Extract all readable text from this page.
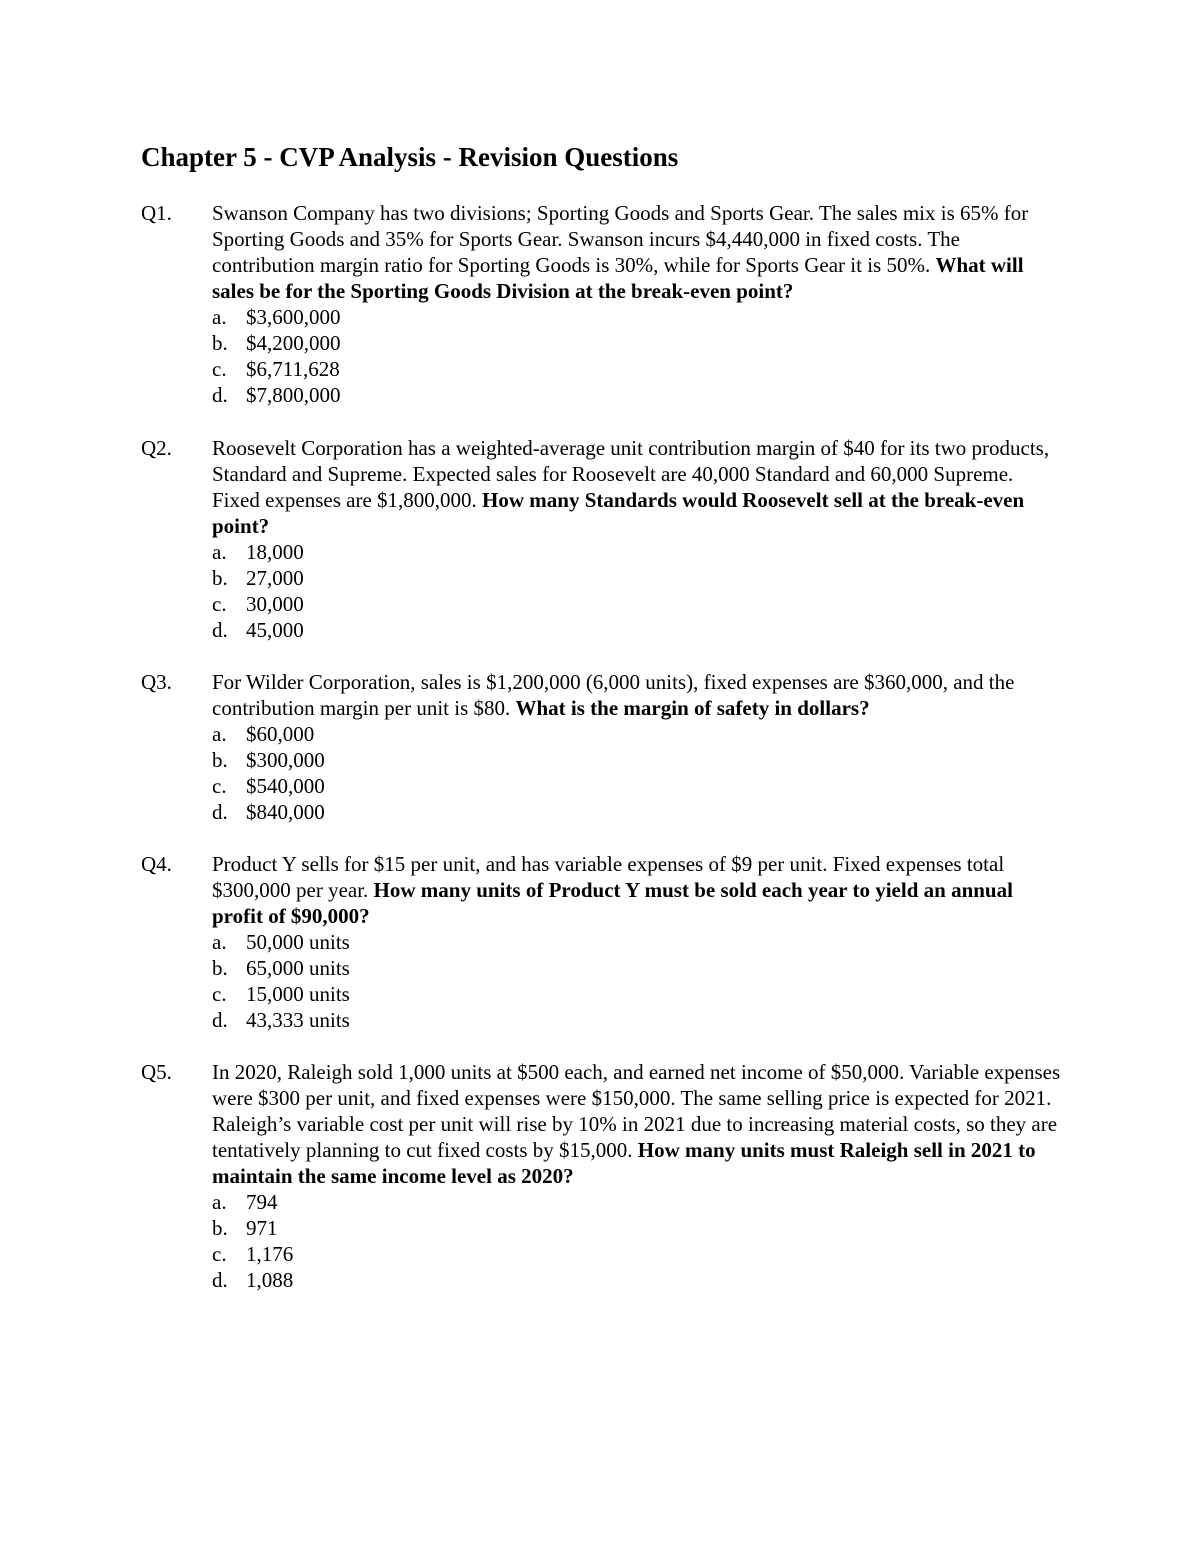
Chapter 5 - CVP Analysis - Revision Questions
Q1. Swanson Company has two divisions; Sporting Goods and Sports Gear. The sales mix is 65% for Sporting Goods and 35% for Sports Gear. Swanson incurs $4,440,000 in fixed costs. The contribution margin ratio for Sporting Goods is 30%, while for Sports Gear it is 50%. What will sales be for the Sporting Goods Division at the break-even point?

a. $3,600,000
b. $4,200,000
c. $6,711,628
d. $7,800,000
Q2. Roosevelt Corporation has a weighted-average unit contribution margin of $40 for its two products, Standard and Supreme. Expected sales for Roosevelt are 40,000 Standard and 60,000 Supreme. Fixed expenses are $1,800,000. How many Standards would Roosevelt sell at the break-even point?

a. 18,000
b. 27,000
c. 30,000
d. 45,000
Q3. For Wilder Corporation, sales is $1,200,000 (6,000 units), fixed expenses are $360,000, and the contribution margin per unit is $80. What is the margin of safety in dollars?

a. $60,000
b. $300,000
c. $540,000
d. $840,000
Q4. Product Y sells for $15 per unit, and has variable expenses of $9 per unit. Fixed expenses total $300,000 per year. How many units of Product Y must be sold each year to yield an annual profit of $90,000?

a. 50,000 units
b. 65,000 units
c. 15,000 units
d. 43,333 units
Q5. In 2020, Raleigh sold 1,000 units at $500 each, and earned net income of $50,000. Variable expenses were $300 per unit, and fixed expenses were $150,000. The same selling price is expected for 2021. Raleigh’s variable cost per unit will rise by 10% in 2021 due to increasing material costs, so they are tentatively planning to cut fixed costs by $15,000. How many units must Raleigh sell in 2021 to maintain the same income level as 2020?

a. 794
b. 971
c. 1,176
d. 1,088
